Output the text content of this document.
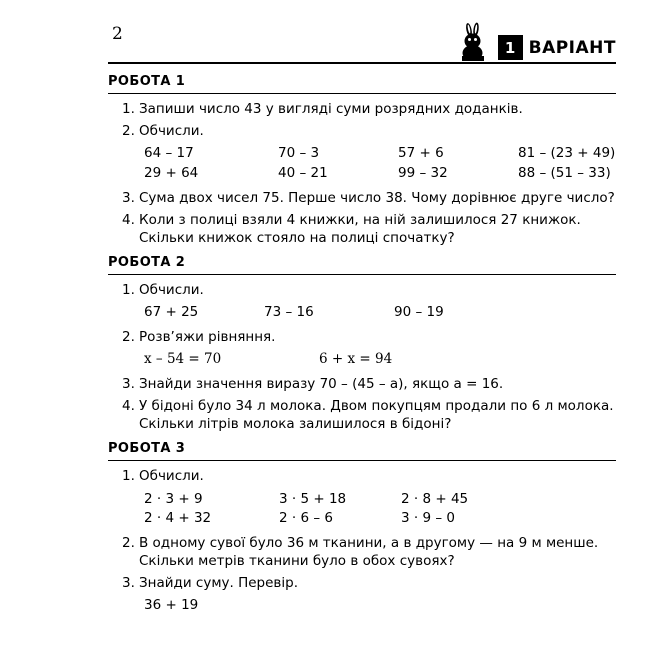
2
1 ВАРІАНТ
РОБОТА 1
1. Запиши число 43 у вигляді суми розрядних доданків.
2. Обчисли.
64 – 17	70 – 3	57 + 6	81 – (23 + 49)
29 + 64	40 – 21	99 – 32	88 – (51 – 33)
3. Сума двох чисел 75. Перше число 38. Чому дорівнює друге число?
4. Коли з полиці взяли 4 книжки, на ній залишилося 27 книжок. Скільки книжок стояло на полиці спочатку?
РОБОТА 2
1. Обчисли.
67 + 25	73 – 16	90 – 19
2. Розв’яжи рівняння.
x – 54 = 70	6 + x = 94
3. Знайди значення виразу 70 – (45 – a), якщо a = 16.
4. У бідоні було 34 л молока. Двом покупцям продали по 6 л молока. Скільки літрів молока залишилося в бідоні?
РОБОТА 3
1. Обчисли.
2 · 3 + 9	3 · 5 + 18	2 · 8 + 45
2 · 4 + 32	2 · 6 – 6	3 · 9 – 0
2. В одному сувої було 36 м тканини, а в другому — на 9 м менше. Скільки метрів тканини було в обох сувоях?
3. Знайди суму. Перевір.
36 + 19
